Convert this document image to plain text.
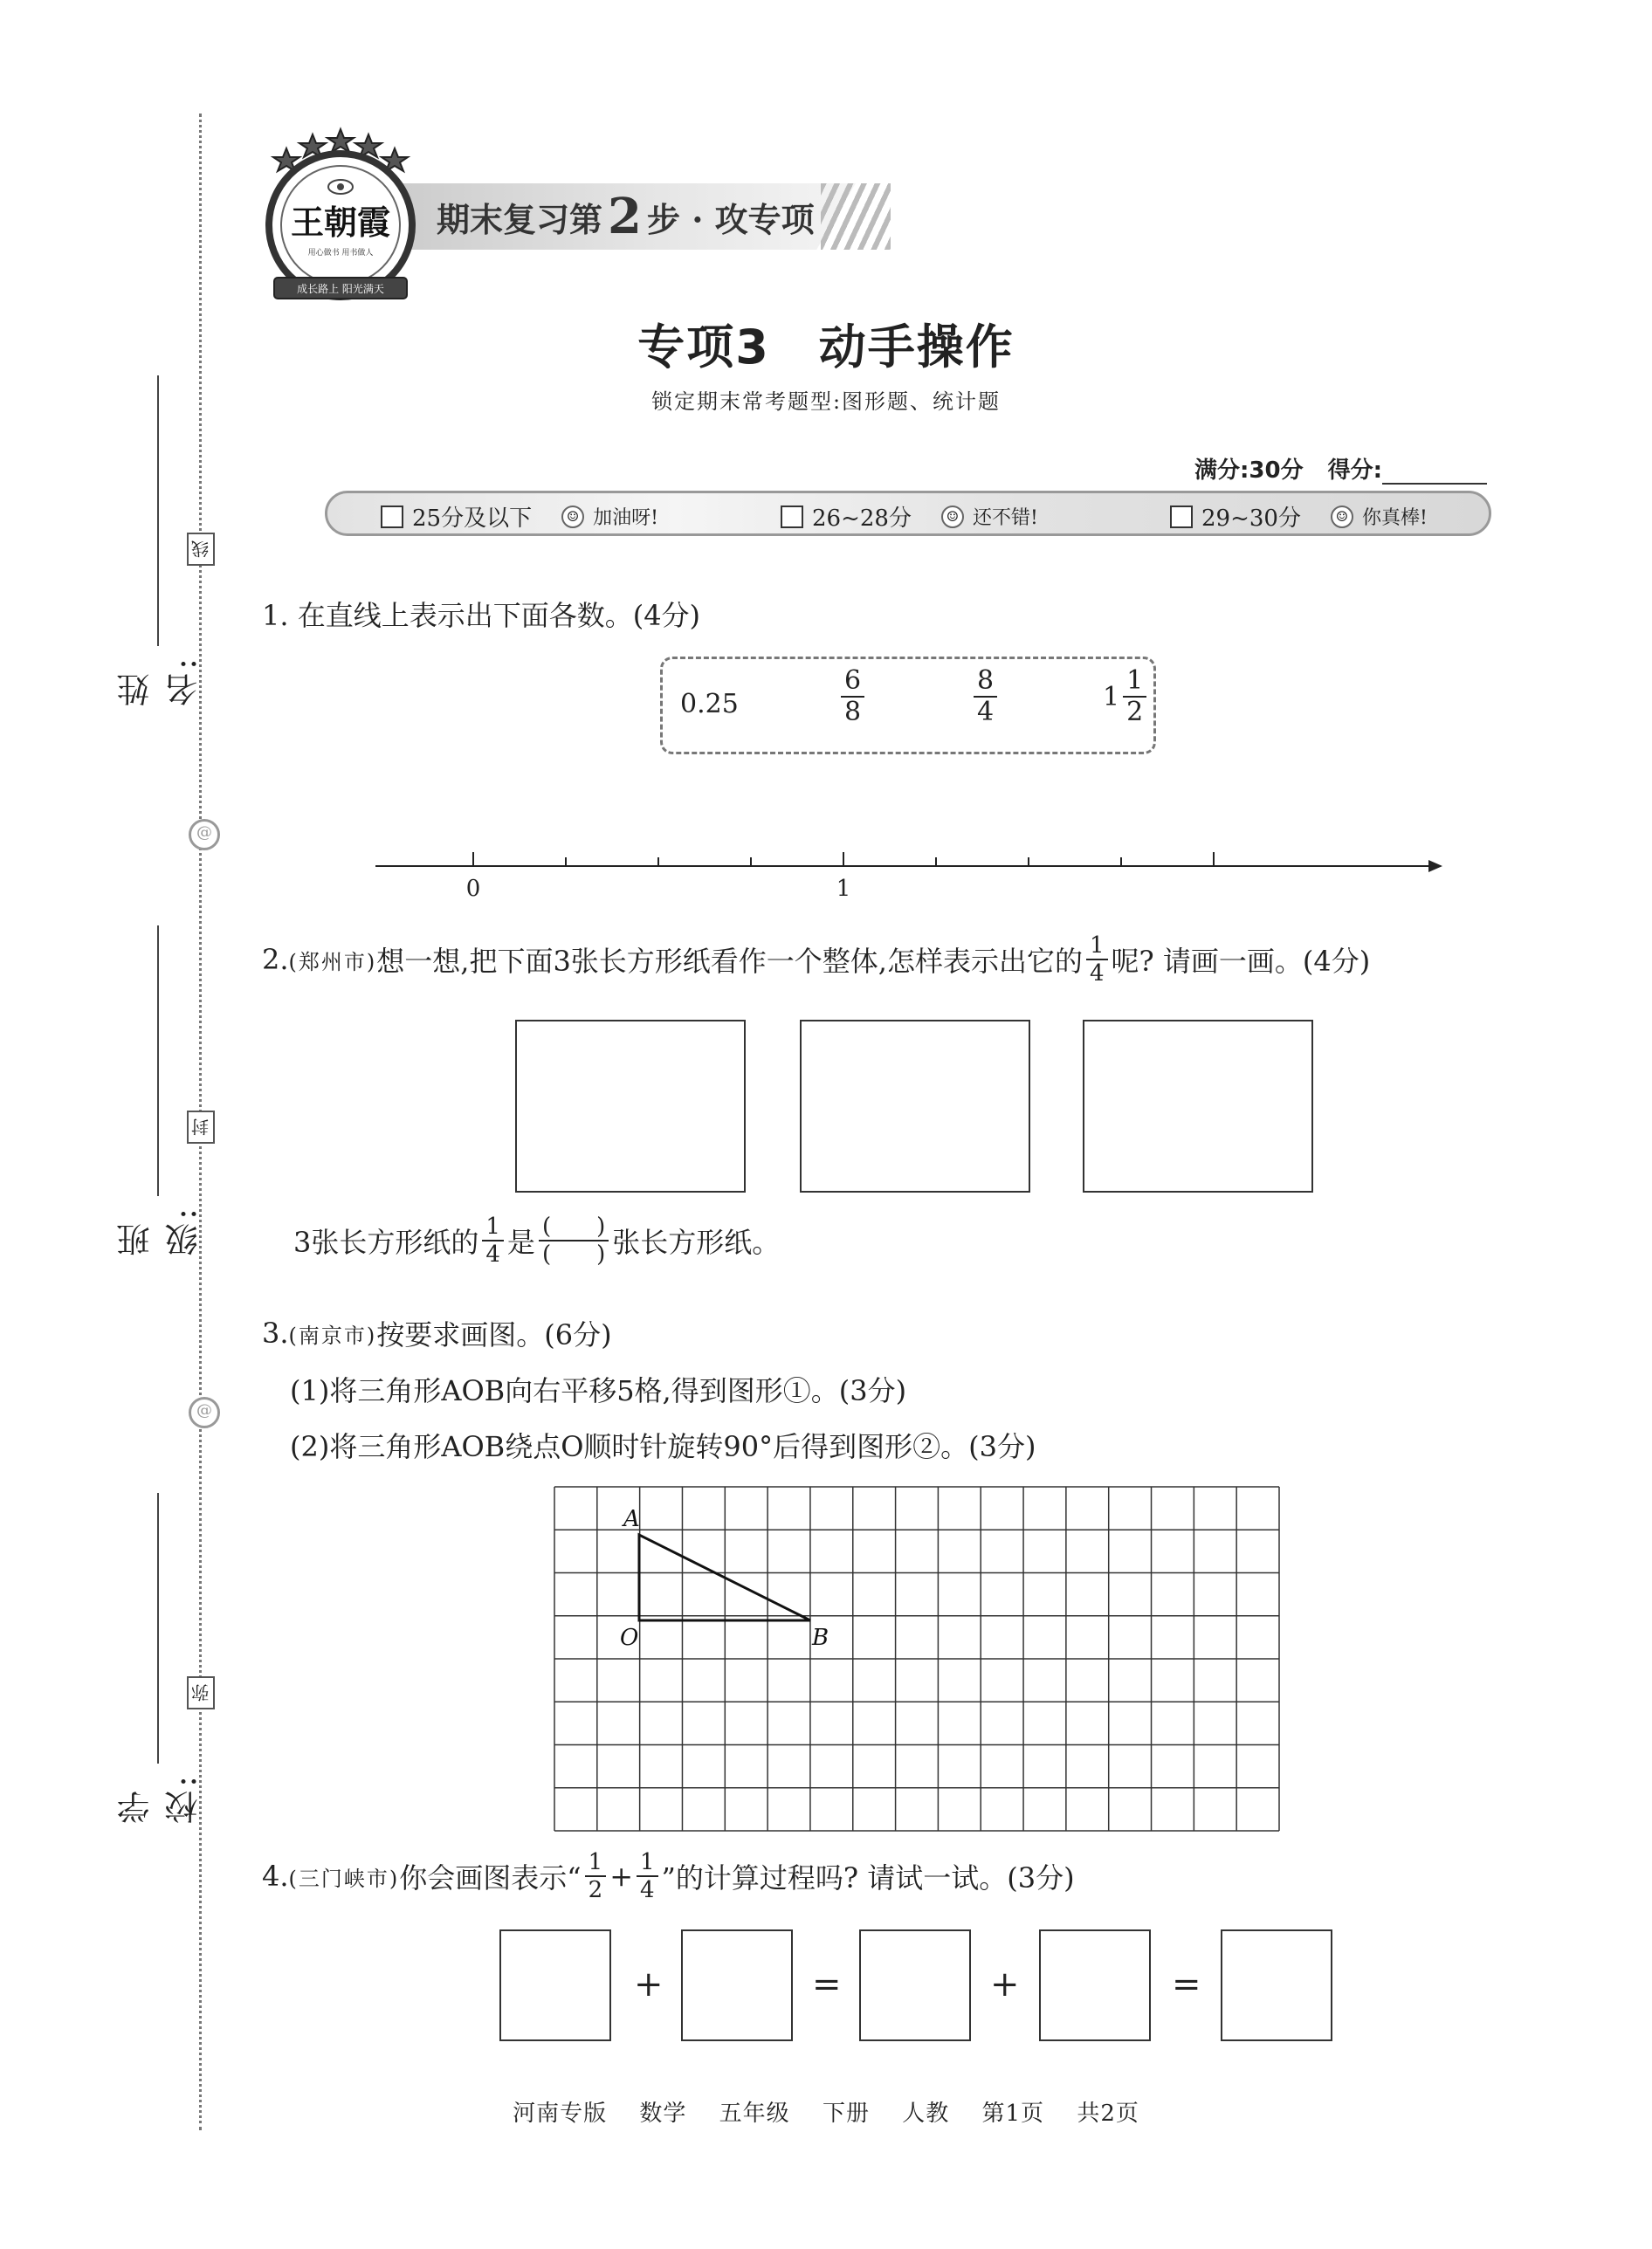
姓名:
班级:
学校:
线
封
弥
@
@
期末复习第 2 步 · 攻专项
王朝霞
用心做书 用书做人
成长路上 阳光满天
专项3　动手操作
锁定期末常考题型:图形题、统计题
满分:30分 得分:
25分及以下	☺ 加油呀!	26~28分	☺ 还不错!	29~30分	☺ 你真棒!
1. 在直线上表示出下面各数。(4分)
0.25	$\frac{6}{8}$	$\frac{8}{4}$	$1 \frac{1}{2}$
0	1
2. (郑州市) 想一想,把下面3张长方形纸看作一个整体,怎样表示出它的 $\frac{1}{4}$ 呢? 请画一画。(4分)
3张长方形纸的 $\frac{1}{4}$ 是 $\frac{( )}{( )}$ 张长方形纸。
3. (南京市) 按要求画图。(6分)
(1)将三角形AOB向右平移5格,得到图形①。(3分)
(2)将三角形AOB绕点O顺时针旋转90°后得到图形②。(3分)
A
O	B
4. (三门峡市) 你会画图表示“ $\frac{1}{2} + \frac{1}{4}$ ”的计算过程吗? 请试一试。(3分)
+	=	+	=
河南专版 数学 五年级 下册 人教 第1页 共2页
